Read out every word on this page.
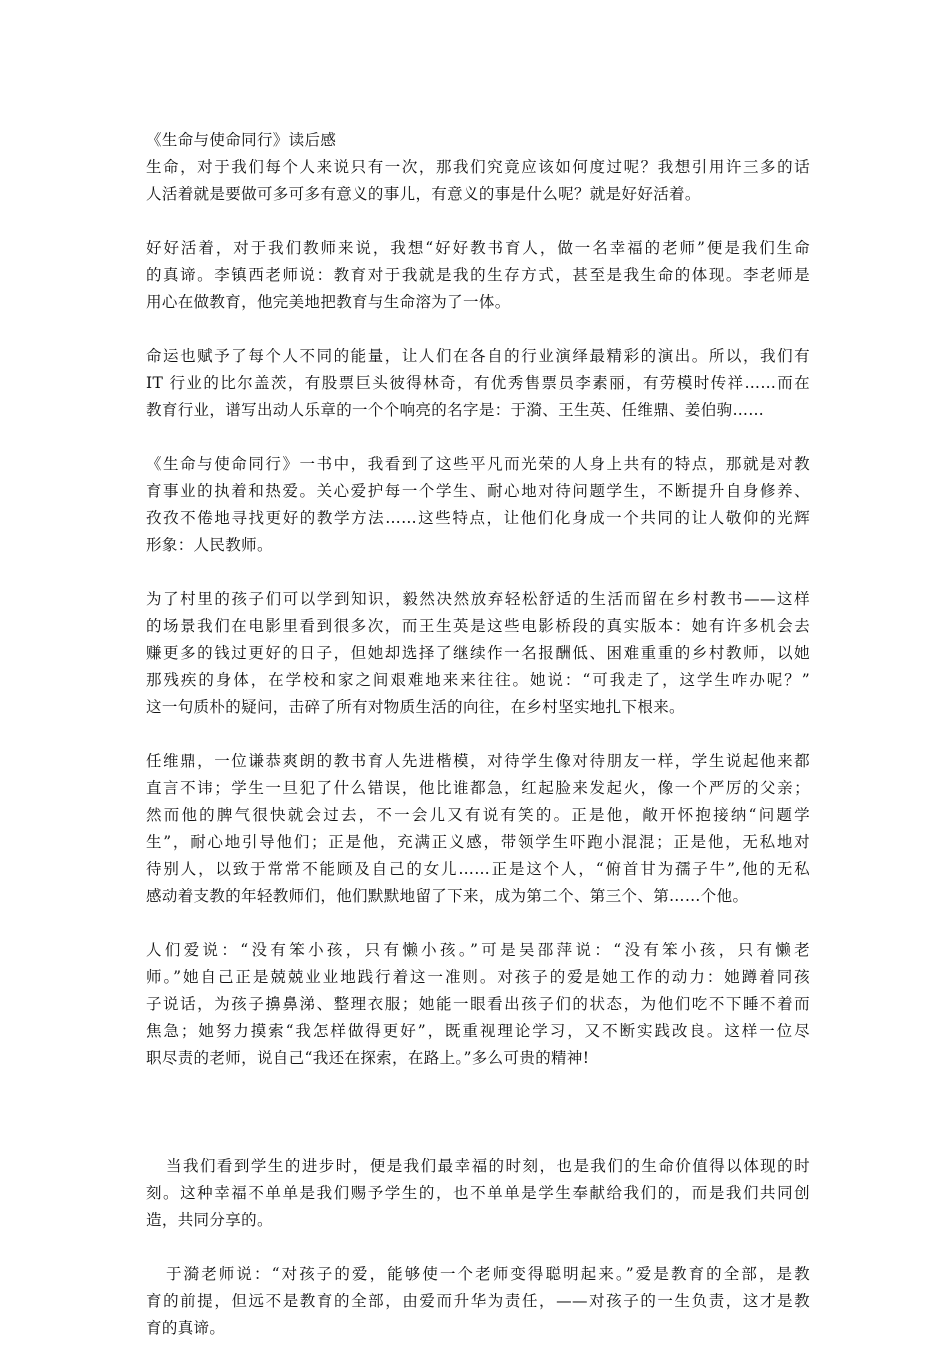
《生命与使命同行》读后感
生命，对于我们每个人来说只有一次，那我们究竟应该如何度过呢？我想引用许三多的话
人活着就是要做可多可多有意义的事儿，有意义的事是什么呢？就是好好活着。
好好活着，对于我们教师来说，我想“好好教书育人，做一名幸福的老师”便是我们生命
的真谛。李镇西老师说：教育对于我就是我的生存方式，甚至是我生命的体现。李老师是
用心在做教育，他完美地把教育与生命溶为了一体。
命运也赋予了每个人不同的能量，让人们在各自的行业演绎最精彩的演出。所以，我们有
IT 行业的比尔盖茨，有股票巨头彼得林奇，有优秀售票员李素丽，有劳模时传祥……而在
教育行业，谱写出动人乐章的一个个响亮的名字是：于漪、王生英、任维鼎、姜伯驹……
《生命与使命同行》一书中，我看到了这些平凡而光荣的人身上共有的特点，那就是对教
育事业的执着和热爱。关心爱护每一个学生、耐心地对待问题学生，不断提升自身修养、
孜孜不倦地寻找更好的教学方法……这些特点，让他们化身成一个共同的让人敬仰的光辉
形象：人民教师。
为了村里的孩子们可以学到知识，毅然决然放弃轻松舒适的生活而留在乡村教书——这样
的场景我们在电影里看到很多次，而王生英是这些电影桥段的真实版本：她有许多机会去
赚更多的钱过更好的日子，但她却选择了继续作一名报酬低、困难重重的乡村教师，以她
那残疾的身体，在学校和家之间艰难地来来往往。她说：“可我走了，这学生咋办呢？”
这一句质朴的疑问，击碎了所有对物质生活的向往，在乡村坚实地扎下根来。
任维鼎，一位谦恭爽朗的教书育人先进楷模，对待学生像对待朋友一样，学生说起他来都
直言不讳；学生一旦犯了什么错误，他比谁都急，红起脸来发起火，像一个严厉的父亲；
然而他的脾气很快就会过去，不一会儿又有说有笑的。正是他，敞开怀抱接纳“问题学
生”，耐心地引导他们；正是他，充满正义感，带领学生吓跑小混混；正是他，无私地对
待别人，以致于常常不能顾及自己的女儿……正是这个人，“俯首甘为孺子牛”,他的无私
感动着支教的年轻教师们，他们默默地留了下来，成为第二个、第三个、第……个他。
人们爱说：“没有笨小孩，只有懒小孩。”可是吴邵萍说：“没有笨小孩，只有懒老
师。”她自己正是兢兢业业地践行着这一准则。对孩子的爱是她工作的动力：她蹲着同孩
子说话，为孩子擤鼻涕、整理衣服；她能一眼看出孩子们的状态，为他们吃不下睡不着而
焦急；她努力摸索“我怎样做得更好”，既重视理论学习，又不断实践改良。这样一位尽
职尽责的老师，说自己“我还在探索，在路上。”多么可贵的精神!
当我们看到学生的进步时，便是我们最幸福的时刻，也是我们的生命价值得以体现的时
刻。这种幸福不单单是我们赐予学生的，也不单单是学生奉献给我们的，而是我们共同创
造，共同分享的。
于漪老师说：“对孩子的爱，能够使一个老师变得聪明起来。”爱是教育的全部，是教
育的前提，但远不是教育的全部，由爱而升华为责任，——对孩子的一生负责，这才是教
育的真谛。
